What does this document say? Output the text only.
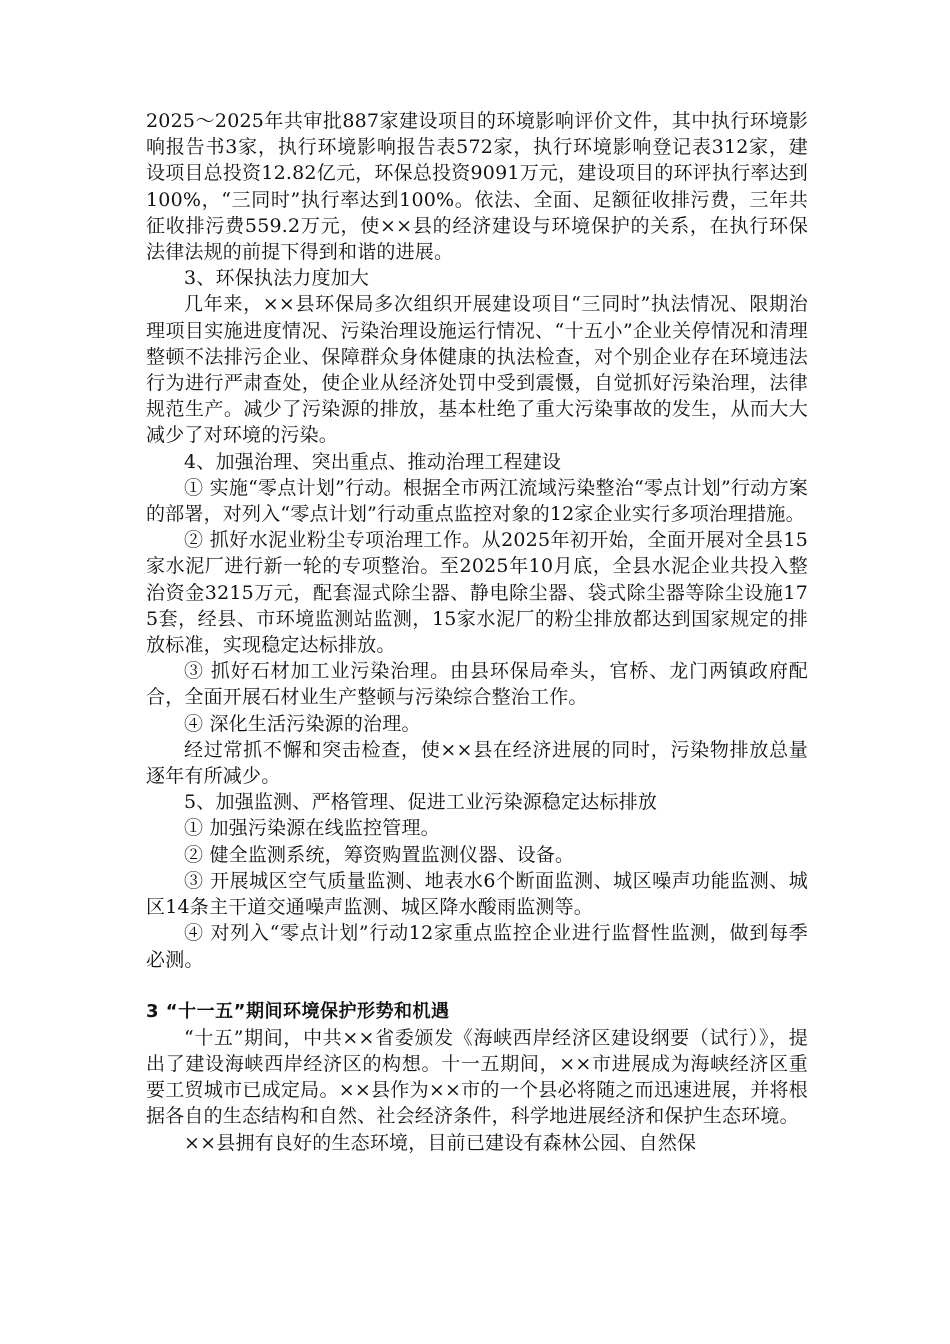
2025～2025年共审批887家建设项目的环境影响评价文件，其中执行环境影响报告书3家，执行环境影响报告表572家，执行环境影响登记表312家，建设项目总投资12.82亿元，环保总投资9091万元，建设项目的环评执行率达到100%，“三同时”执行率达到100%。依法、全面、足额征收排污费，三年共征收排污费559.2万元，使××县的经济建设与环境保护的关系，在执行环保法律法规的前提下得到和谐的进展。

3、环保执法力度加大

几年来，××县环保局多次组织开展建设项目“三同时”执法情况、限期治理项目实施进度情况、污染治理设施运行情况、“十五小”企业关停情况和清理整顿不法排污企业、保障群众身体健康的执法检查，对个别企业存在环境违法行为进行严肃查处，使企业从经济处罚中受到震慑，自觉抓好污染治理，法律规范生产。减少了污染源的排放，基本杜绝了重大污染事故的发生，从而大大减少了对环境的污染。

4、加强治理、突出重点、推动治理工程建设

① 实施“零点计划”行动。根据全市两江流域污染整治“零点计划”行动方案的部署，对列入“零点计划”行动重点监控对象的12家企业实行多项治理措施。

② 抓好水泥业粉尘专项治理工作。从2025年初开始，全面开展对全县15家水泥厂进行新一轮的专项整治。至2025年10月底，全县水泥企业共投入整治资金3215万元，配套湿式除尘器、静电除尘器、袋式除尘器等除尘设施175套，经县、市环境监测站监测，15家水泥厂的粉尘排放都达到国家规定的排放标准，实现稳定达标排放。

③ 抓好石材加工业污染治理。由县环保局牵头，官桥、龙门两镇政府配合，全面开展石材业生产整顿与污染综合整治工作。

④ 深化生活污染源的治理。

经过常抓不懈和突击检查，使××县在经济进展的同时，污染物排放总量逐年有所减少。

5、加强监测、严格管理、促进工业污染源稳定达标排放

① 加强污染源在线监控管理。

② 健全监测系统，筹资购置监测仪器、设备。

③ 开展城区空气质量监测、地表水6个断面监测、城区噪声功能监测、城区14条主干道交通噪声监测、城区降水酸雨监测等。

④ 对列入“零点计划”行动12家重点监控企业进行监督性监测，做到每季必测。

3 “十一五”期间环境保护形势和机遇

“十五”期间，中共××省委颁发《海峡西岸经济区建设纲要（试行）》，提出了建设海峡西岸经济区的构想。十一五期间，××市进展成为海峡经济区重要工贸城市已成定局。××县作为××市的一个县必将随之而迅速进展，并将根据各自的生态结构和自然、社会经济条件，科学地进展经济和保护生态环境。

××县拥有良好的生态环境，目前已建设有森林公园、自然保
